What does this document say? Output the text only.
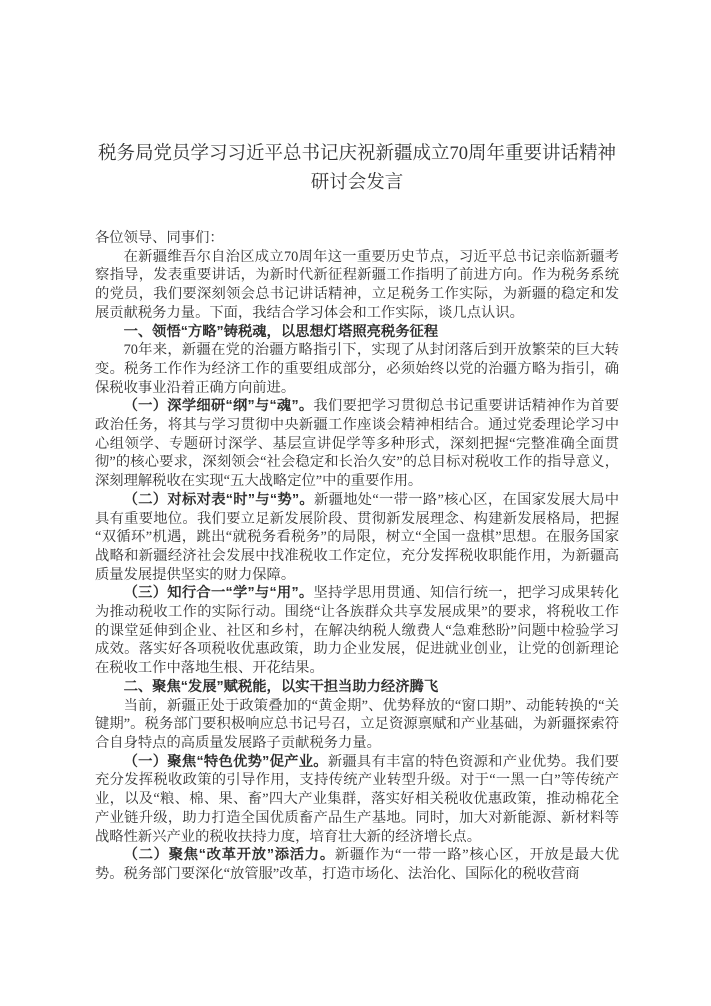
税务局党员学习习近平总书记庆祝新疆成立70周年重要讲话精神研讨会发言

各位领导、同事们：

在新疆维吾尔自治区成立70周年这一重要历史节点，习近平总书记亲临新疆考察指导，发表重要讲话，为新时代新征程新疆工作指明了前进方向。作为税务系统的党员，我们要深刻领会总书记讲话精神，立足税务工作实际，为新疆的稳定和发展贡献税务力量。下面，我结合学习体会和工作实际，谈几点认识。

一、领悟“方略”铸税魂，以思想灯塔照亮税务征程

70年来，新疆在党的治疆方略指引下，实现了从封闭落后到开放繁荣的巨大转变。税务工作作为经济工作的重要组成部分，必须始终以党的治疆方略为指引，确保税收事业沿着正确方向前进。

（一）深学细研“纲”与“魂”。我们要把学习贯彻总书记重要讲话精神作为首要政治任务，将其与学习贯彻中央新疆工作座谈会精神相结合。通过党委理论学习中心组领学、专题研讨深学、基层宣讲促学等多种形式，深刻把握“完整准确全面贯彻”的核心要求，深刻领会“社会稳定和长治久安”的总目标对税收工作的指导意义，深刻理解税收在实现“五大战略定位”中的重要作用。

（二）对标对表“时”与“势”。新疆地处“一带一路”核心区，在国家发展大局中具有重要地位。我们要立足新发展阶段、贯彻新发展理念、构建新发展格局，把握“双循环”机遇，跳出“就税务看税务”的局限，树立“全国一盘棋”思想。在服务国家战略和新疆经济社会发展中找准税收工作定位，充分发挥税收职能作用，为新疆高质量发展提供坚实的财力保障。

（三）知行合一“学”与“用”。坚持学思用贯通、知信行统一，把学习成果转化为推动税收工作的实际行动。围绕“让各族群众共享发展成果”的要求，将税收工作的课堂延伸到企业、社区和乡村，在解决纳税人缴费人“急难愁盼”问题中检验学习成效。落实好各项税收优惠政策，助力企业发展，促进就业创业，让党的创新理论在税收工作中落地生根、开花结果。

二、聚焦“发展”赋税能，以实干担当助力经济腾飞

当前，新疆正处于政策叠加的“黄金期”、优势释放的“窗口期”、动能转换的“关键期”。税务部门要积极响应总书记号召，立足资源禀赋和产业基础，为新疆探索符合自身特点的高质量发展路子贡献税务力量。

（一）聚焦“特色优势”促产业。新疆具有丰富的特色资源和产业优势。我们要充分发挥税收政策的引导作用，支持传统产业转型升级。对于“一黑一白”等传统产业，以及“粮、棉、果、畜”四大产业集群，落实好相关税收优惠政策，推动棉花全产业链升级，助力打造全国优质畜产品生产基地。同时，加大对新能源、新材料等战略性新兴产业的税收扶持力度，培育壮大新的经济增长点。

（二）聚焦“改革开放”添活力。新疆作为“一带一路”核心区，开放是最大优势。税务部门要深化“放管服”改革，打造市场化、法治化、国际化的税收营商
